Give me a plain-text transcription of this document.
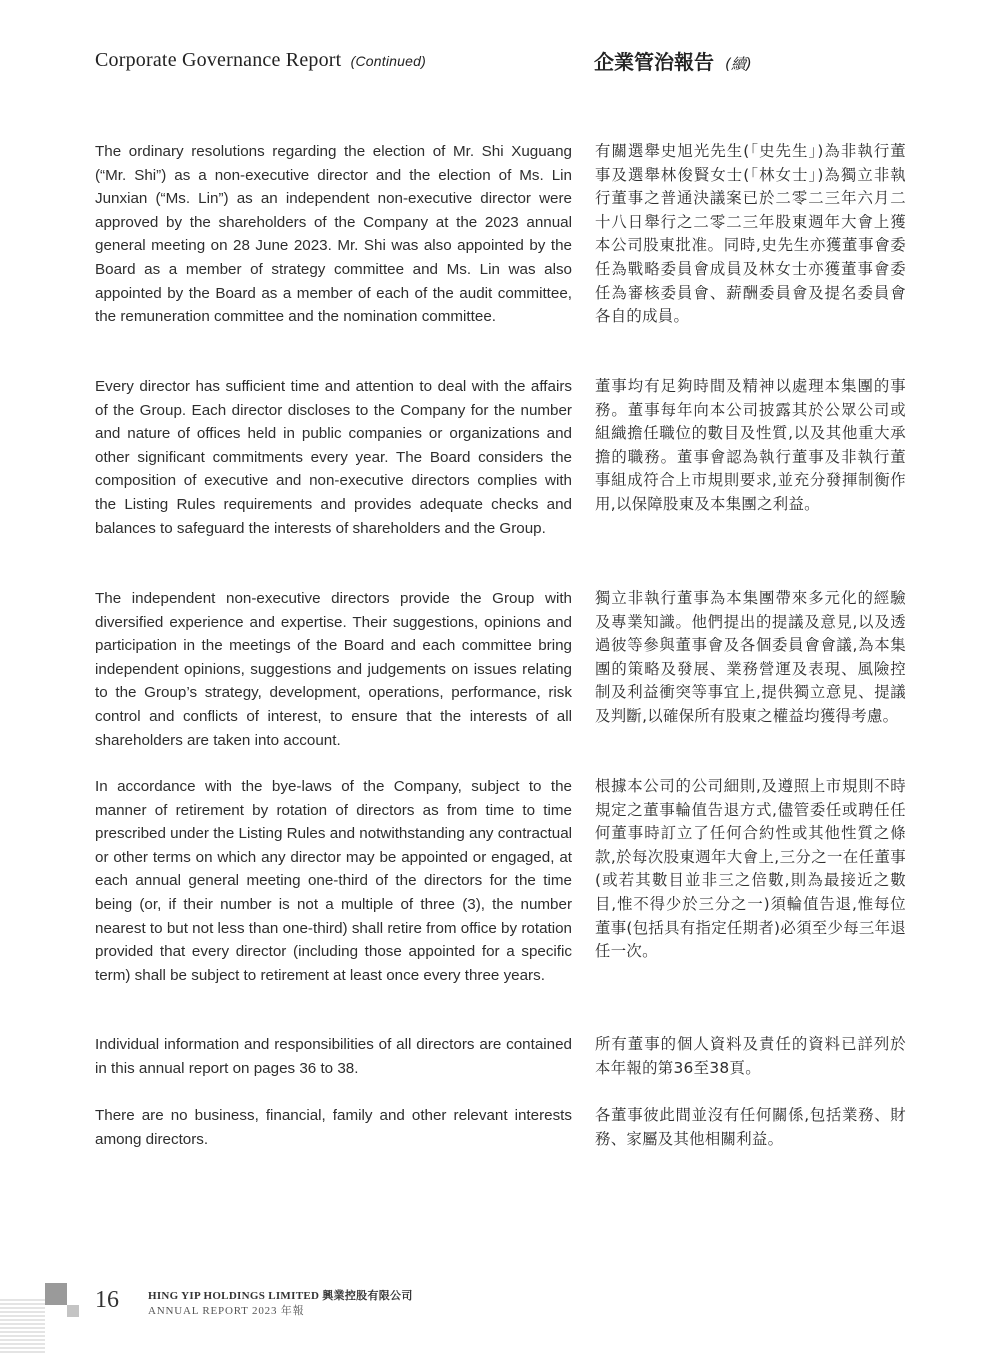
Corporate Governance Report (Continued)	企業管治報告 (續)

The ordinary resolutions regarding the election of Mr. Shi Xuguang (“Mr. Shi”) as a non-executive director and the election of Ms. Lin Junxian (“Ms. Lin”) as an independent non-executive director were approved by the shareholders of the Company at the 2023 annual general meeting on 28 June 2023. Mr. Shi was also appointed by the Board as a member of strategy committee and Ms. Lin was also appointed by the Board as a member of each of the audit committee, the remuneration committee and the nomination committee.

有關選舉史旭光先生(「史先生」)為非執行董事及選舉林俊賢女士(「林女士」)為獨立非執行董事之普通決議案已於二零二三年六月二十八日舉行之二零二三年股東週年大會上獲本公司股東批准。同時,史先生亦獲董事會委任為戰略委員會成員及林女士亦獲董事會委任為審核委員會、薪酬委員會及提名委員會各自的成員。

Every director has sufficient time and attention to deal with the affairs of the Group. Each director discloses to the Company for the number and nature of offices held in public companies or organizations and other significant commitments every year. The Board considers the composition of executive and non-executive directors complies with the Listing Rules requirements and provides adequate checks and balances to safeguard the interests of shareholders and the Group.

董事均有足夠時間及精神以處理本集團的事務。董事每年向本公司披露其於公眾公司或組織擔任職位的數目及性質,以及其他重大承擔的職務。董事會認為執行董事及非執行董事組成符合上市規則要求,並充分發揮制衡作用,以保障股東及本集團之利益。

The independent non-executive directors provide the Group with diversified experience and expertise. Their suggestions, opinions and participation in the meetings of the Board and each committee bring independent opinions, suggestions and judgements on issues relating to the Group’s strategy, development, operations, performance, risk control and conflicts of interest, to ensure that the interests of all shareholders are taken into account.

獨立非執行董事為本集團帶來多元化的經驗及專業知識。他們提出的提議及意見,以及透過彼等參與董事會及各個委員會會議,為本集團的策略及發展、業務營運及表現、風險控制及利益衝突等事宜上,提供獨立意見、提議及判斷,以確保所有股東之權益均獲得考慮。

In accordance with the bye-laws of the Company, subject to the manner of retirement by rotation of directors as from time to time prescribed under the Listing Rules and notwithstanding any contractual or other terms on which any director may be appointed or engaged, at each annual general meeting one-third of the directors for the time being (or, if their number is not a multiple of three (3), the number nearest to but not less than one-third) shall retire from office by rotation provided that every director (including those appointed for a specific term) shall be subject to retirement at least once every three years.

根據本公司的公司細則,及遵照上市規則不時規定之董事輪值告退方式,儘管委任或聘任任何董事時訂立了任何合約性或其他性質之條款,於每次股東週年大會上,三分之一在任董事(或若其數目並非三之倍數,則為最接近之數目,惟不得少於三分之一)須輪值告退,惟每位董事(包括具有指定任期者)必須至少每三年退任一次。

Individual information and responsibilities of all directors are contained in this annual report on pages 36 to 38.

所有董事的個人資料及責任的資料已詳列於本年報的第36至38頁。

There are no business, financial, family and other relevant interests among directors.

各董事彼此間並沒有任何關係,包括業務、財務、家屬及其他相關利益。

16	HING YIP HOLDINGS LIMITED 興業控股有限公司
ANNUAL REPORT 2023 年報
